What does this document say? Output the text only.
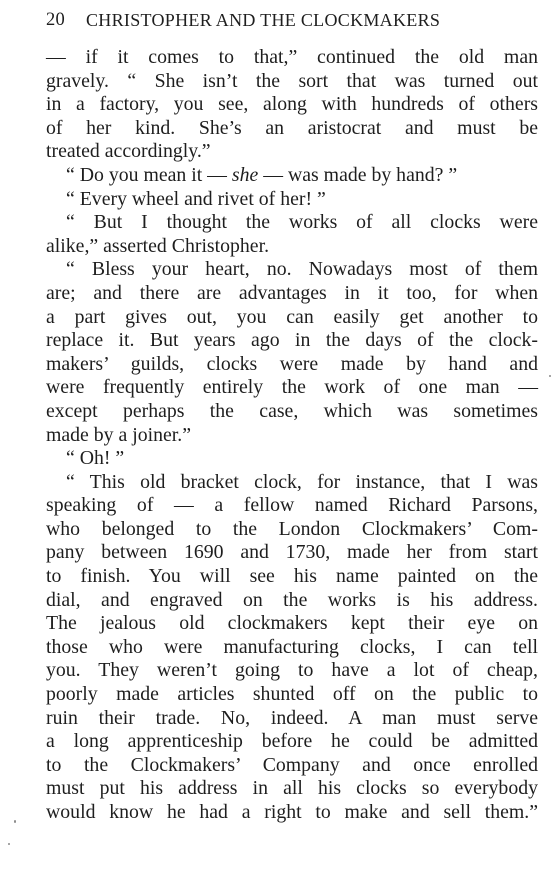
20 CHRISTOPHER AND THE CLOCKMAKERS
— if it comes to that,” continued the old man
gravely. “ She isn’t the sort that was turned out
in a factory, you see, along with hundreds of others
of her kind. She’s an aristocrat and must be
treated accordingly.”
“ Do you mean it — she — was made by hand? ”
“ Every wheel and rivet of her! ”
“ But I thought the works of all clocks were
alike,” asserted Christopher.
“ Bless your heart, no. Nowadays most of them
are; and there are advantages in it too, for when
a part gives out, you can easily get another to
replace it. But years ago in the days of the clock-
makers’ guilds, clocks were made by hand and
were frequently entirely the work of one man —
except perhaps the case, which was sometimes
made by a joiner.”
“ Oh! ”
“ This old bracket clock, for instance, that I was
speaking of — a fellow named Richard Parsons,
who belonged to the London Clockmakers’ Com-
pany between 1690 and 1730, made her from start
to finish. You will see his name painted on the
dial, and engraved on the works is his address.
The jealous old clockmakers kept their eye on
those who were manufacturing clocks, I can tell
you. They weren’t going to have a lot of cheap,
poorly made articles shunted off on the public to
ruin their trade. No, indeed. A man must serve
a long apprenticeship before he could be admitted
to the Clockmakers’ Company and once enrolled
must put his address in all his clocks so everybody
would know he had a right to make and sell them.”
